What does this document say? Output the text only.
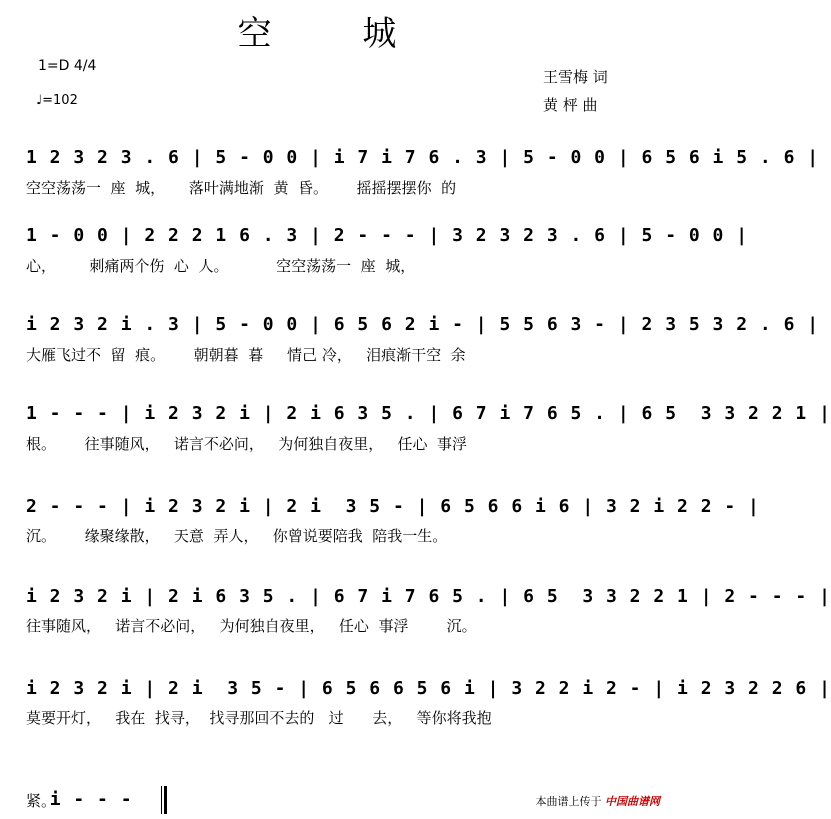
空 城
1=D 4/4
♩=102
王雪梅 词
黄 枰 曲
1 2 3 2 3 . 6 | 5 - 0 0 | i 7 i 7 6 . 3 | 5 - 0 0 | 6 5 6 i 5 . 6 |
空空荡荡一  座  城，     落叶满地渐  黄  昏。      摇摇摆摆你  的
1 - 0 0 | 2 2 2 1 6 . 3 | 2 - - - | 3 2 3 2 3 . 6 | 5 - 0 0 |
心，       刺痛两个伤  心  人。          空空荡荡一  座  城，
i 2 3 2 i . 3 | 5 - 0 0 | 6 5 6 2 i - | 5 5 6 3 - | 2 3 5 3 2 . 6 |
大雁飞过不  留  痕。      朝朝暮  暮     情己 冷，   泪痕渐干空  余
1 - - - | i 2 3 2 i | 2 i 6 3 5 . | 6 7 i 7 6 5 . | 6 5  3 3 2 2 1 |
根。      往事随风，   诺言不必问，   为何独自夜里，   任心  事浮
2 - - - | i 2 3 2 i | 2 i  3 5 - | 6 5 6 6 i 6 | 3 2 i 2 2 - |
沉。      缘聚缘散，   天意  弄人，   你曾说要陪我  陪我一生。
i 2 3 2 i | 2 i 6 3 5 . | 6 7 i 7 6 5 . | 6 5  3 3 2 2 1 | 2 - - - |
往事随风，   诺言不必问，   为何独自夜里，   任心  事浮        沉。
i 2 3 2 i | 2 i  3 5 - | 6 5 6 6 5 6 i | 3 2 2 i 2 - | i 2 3 2 2 6 |
莫要开灯，   我在  找寻，  找寻那回不去的   过      去，   等你将我抱

i - - -

紧。	本曲谱上传于 中国曲谱网
